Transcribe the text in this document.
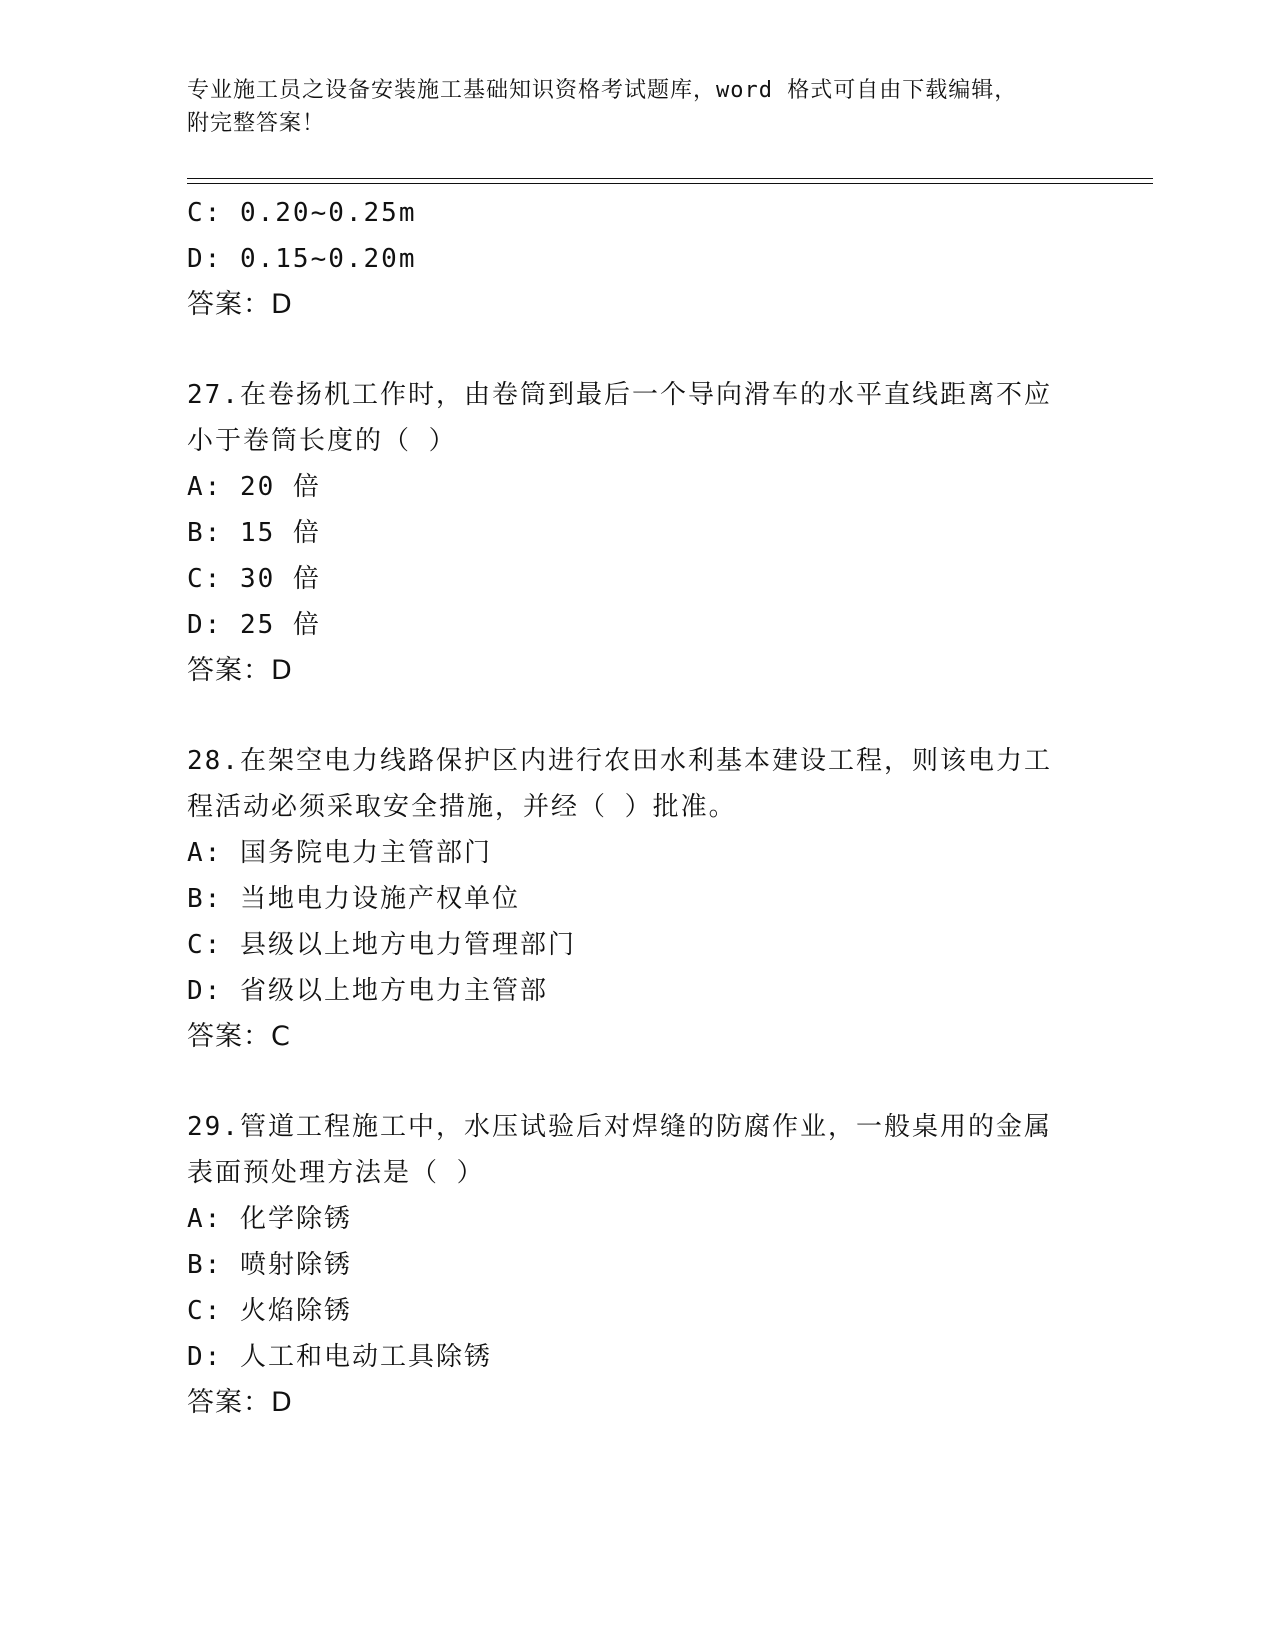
专业施工员之设备安装施工基础知识资格考试题库，word 格式可自由下载编辑，
附完整答案！
C: 0.20~0.25m
D: 0.15~0.20m
答案：D
27.在卷扬机工作时，由卷筒到最后一个导向滑车的水平直线距离不应
小于卷筒长度的（ ）
A: 20 倍
B: 15 倍
C: 30 倍
D: 25 倍
答案：D
28.在架空电力线路保护区内进行农田水利基本建设工程，则该电力工
程活动必须采取安全措施，并经（ ）批准。
A: 国务院电力主管部门
B: 当地电力设施产权单位
C: 县级以上地方电力管理部门
D: 省级以上地方电力主管部
答案：C
29.管道工程施工中，水压试验后对焊缝的防腐作业，一般桌用的金属
表面预处理方法是（ ）
A: 化学除锈
B: 喷射除锈
C: 火焰除锈
D: 人工和电动工具除锈
答案：D
